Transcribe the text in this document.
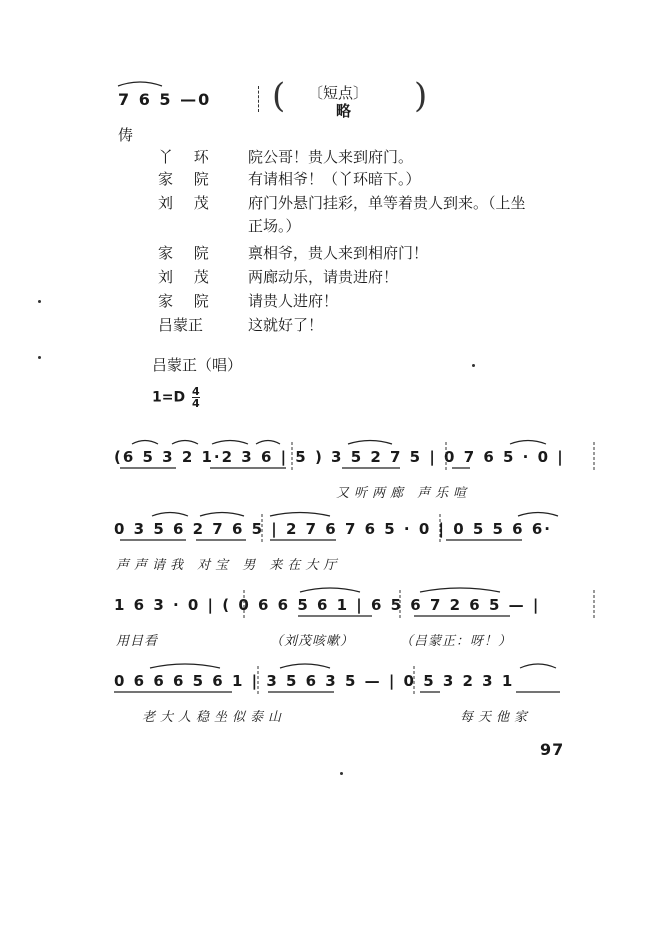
7 6 5 —0 ( 〔短点〕
略 )
俦
丫 环 院公哥！贵人来到府门。
家 院 有请相爷！（丫环暗下。）
刘 茂 府门外悬门挂彩，单等着贵人到来。（上坐
正场。）
家 院 禀相爷，贵人来到相府门！
刘 茂 两廊动乐，请贵进府！
家 院 请贵人进府！
吕蒙正	这就好了！
吕蒙正（唱）
$1=D \frac{4}{4}$
(6 5 3 2 1·2 3 6 | 5 ) 3 5 2 7 5 | 0 7 6 5 · 0 |
又听两廊 声乐喧
0 3 5 6 2 7 6 5 | 2 7 6 7 6 5 · 0 | 0 5 5 6 6·
声声请我 对宝 男 来在大厅
1 6 3 · 0 | ( 0 6 6 5 6 1 | 6 5 6 7 2 6 5 — |
用目看	（刘茂咳嗽）	（吕蒙正：呀！）
0 6 6 6 5 6 1 | 3 5 6 3 5 — | 0 5 3 2 3 1
老大人稳坐似泰山	每天他家
97
